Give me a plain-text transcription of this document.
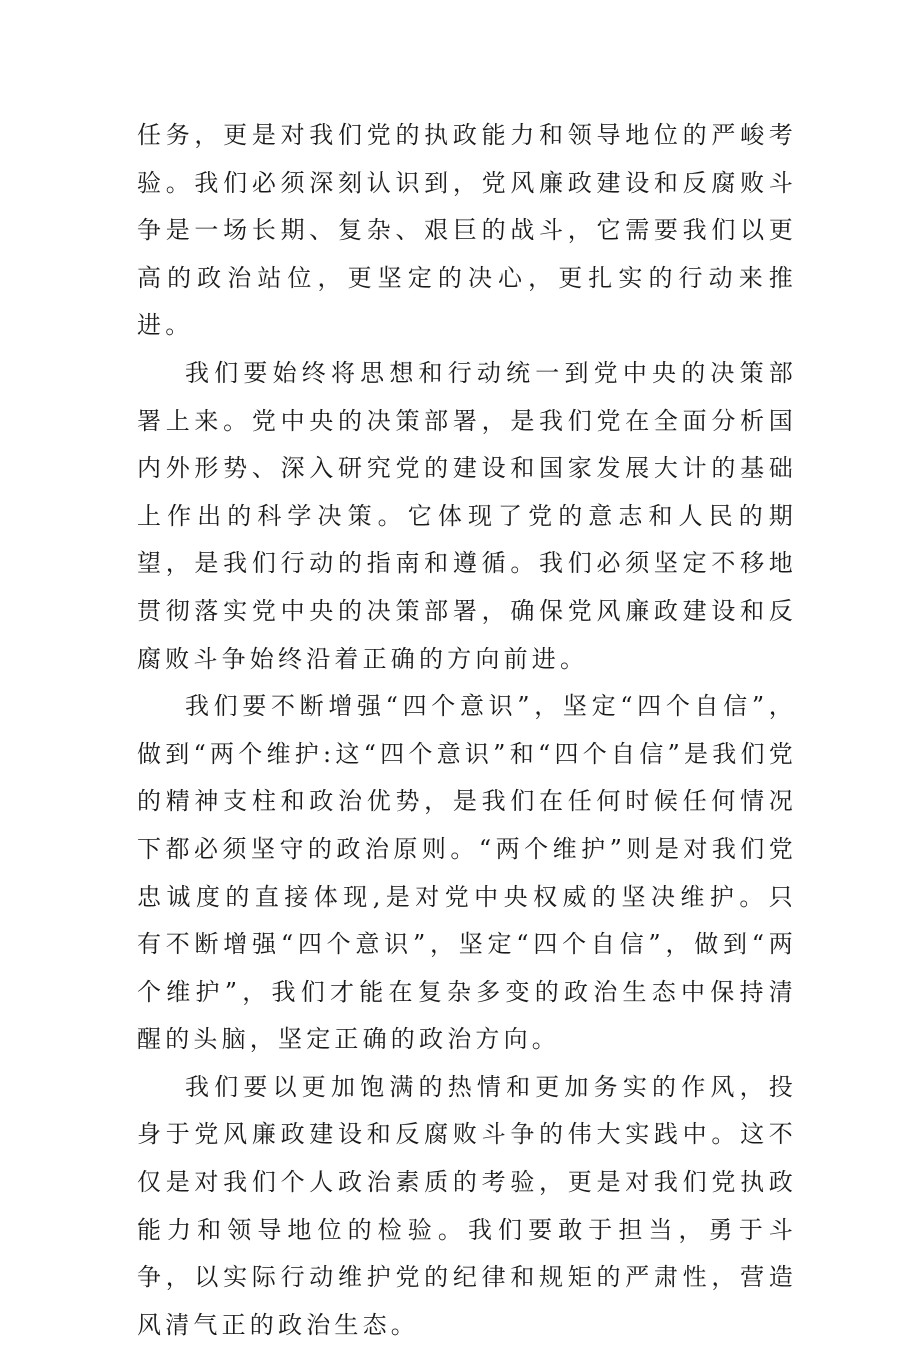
任务，更是对我们党的执政能力和领导地位的严峻考验。我们必须深刻认识到，党风廉政建设和反腐败斗争是一场长期、复杂、艰巨的战斗，它需要我们以更高的政治站位，更坚定的决心，更扎实的行动来推进。

我们要始终将思想和行动统一到党中央的决策部署上来。党中央的决策部署，是我们党在全面分析国内外形势、深入研究党的建设和国家发展大计的基础上作出的科学决策。它体现了党的意志和人民的期望，是我们行动的指南和遵循。我们必须坚定不移地贯彻落实党中央的决策部署，确保党风廉政建设和反腐败斗争始终沿着正确的方向前进。

我们要不断增强“四个意识”，坚定“四个自信”，做到“两个维护:这“四个意识”和“四个自信”是我们党的精神支柱和政治优势，是我们在任何时候任何情况下都必须坚守的政治原则。“两个维护”则是对我们党忠诚度的直接体现,是对党中央权威的坚决维护。只有不断增强“四个意识”，坚定“四个自信”，做到“两个维护”，我们才能在复杂多变的政治生态中保持清醒的头脑，坚定正确的政治方向。

我们要以更加饱满的热情和更加务实的作风，投身于党风廉政建设和反腐败斗争的伟大实践中。这不仅是对我们个人政治素质的考验，更是对我们党执政能力和领导地位的检验。我们要敢于担当，勇于斗争，以实际行动维护党的纪律和规矩的严肃性，营造风清气正的政治生态。
